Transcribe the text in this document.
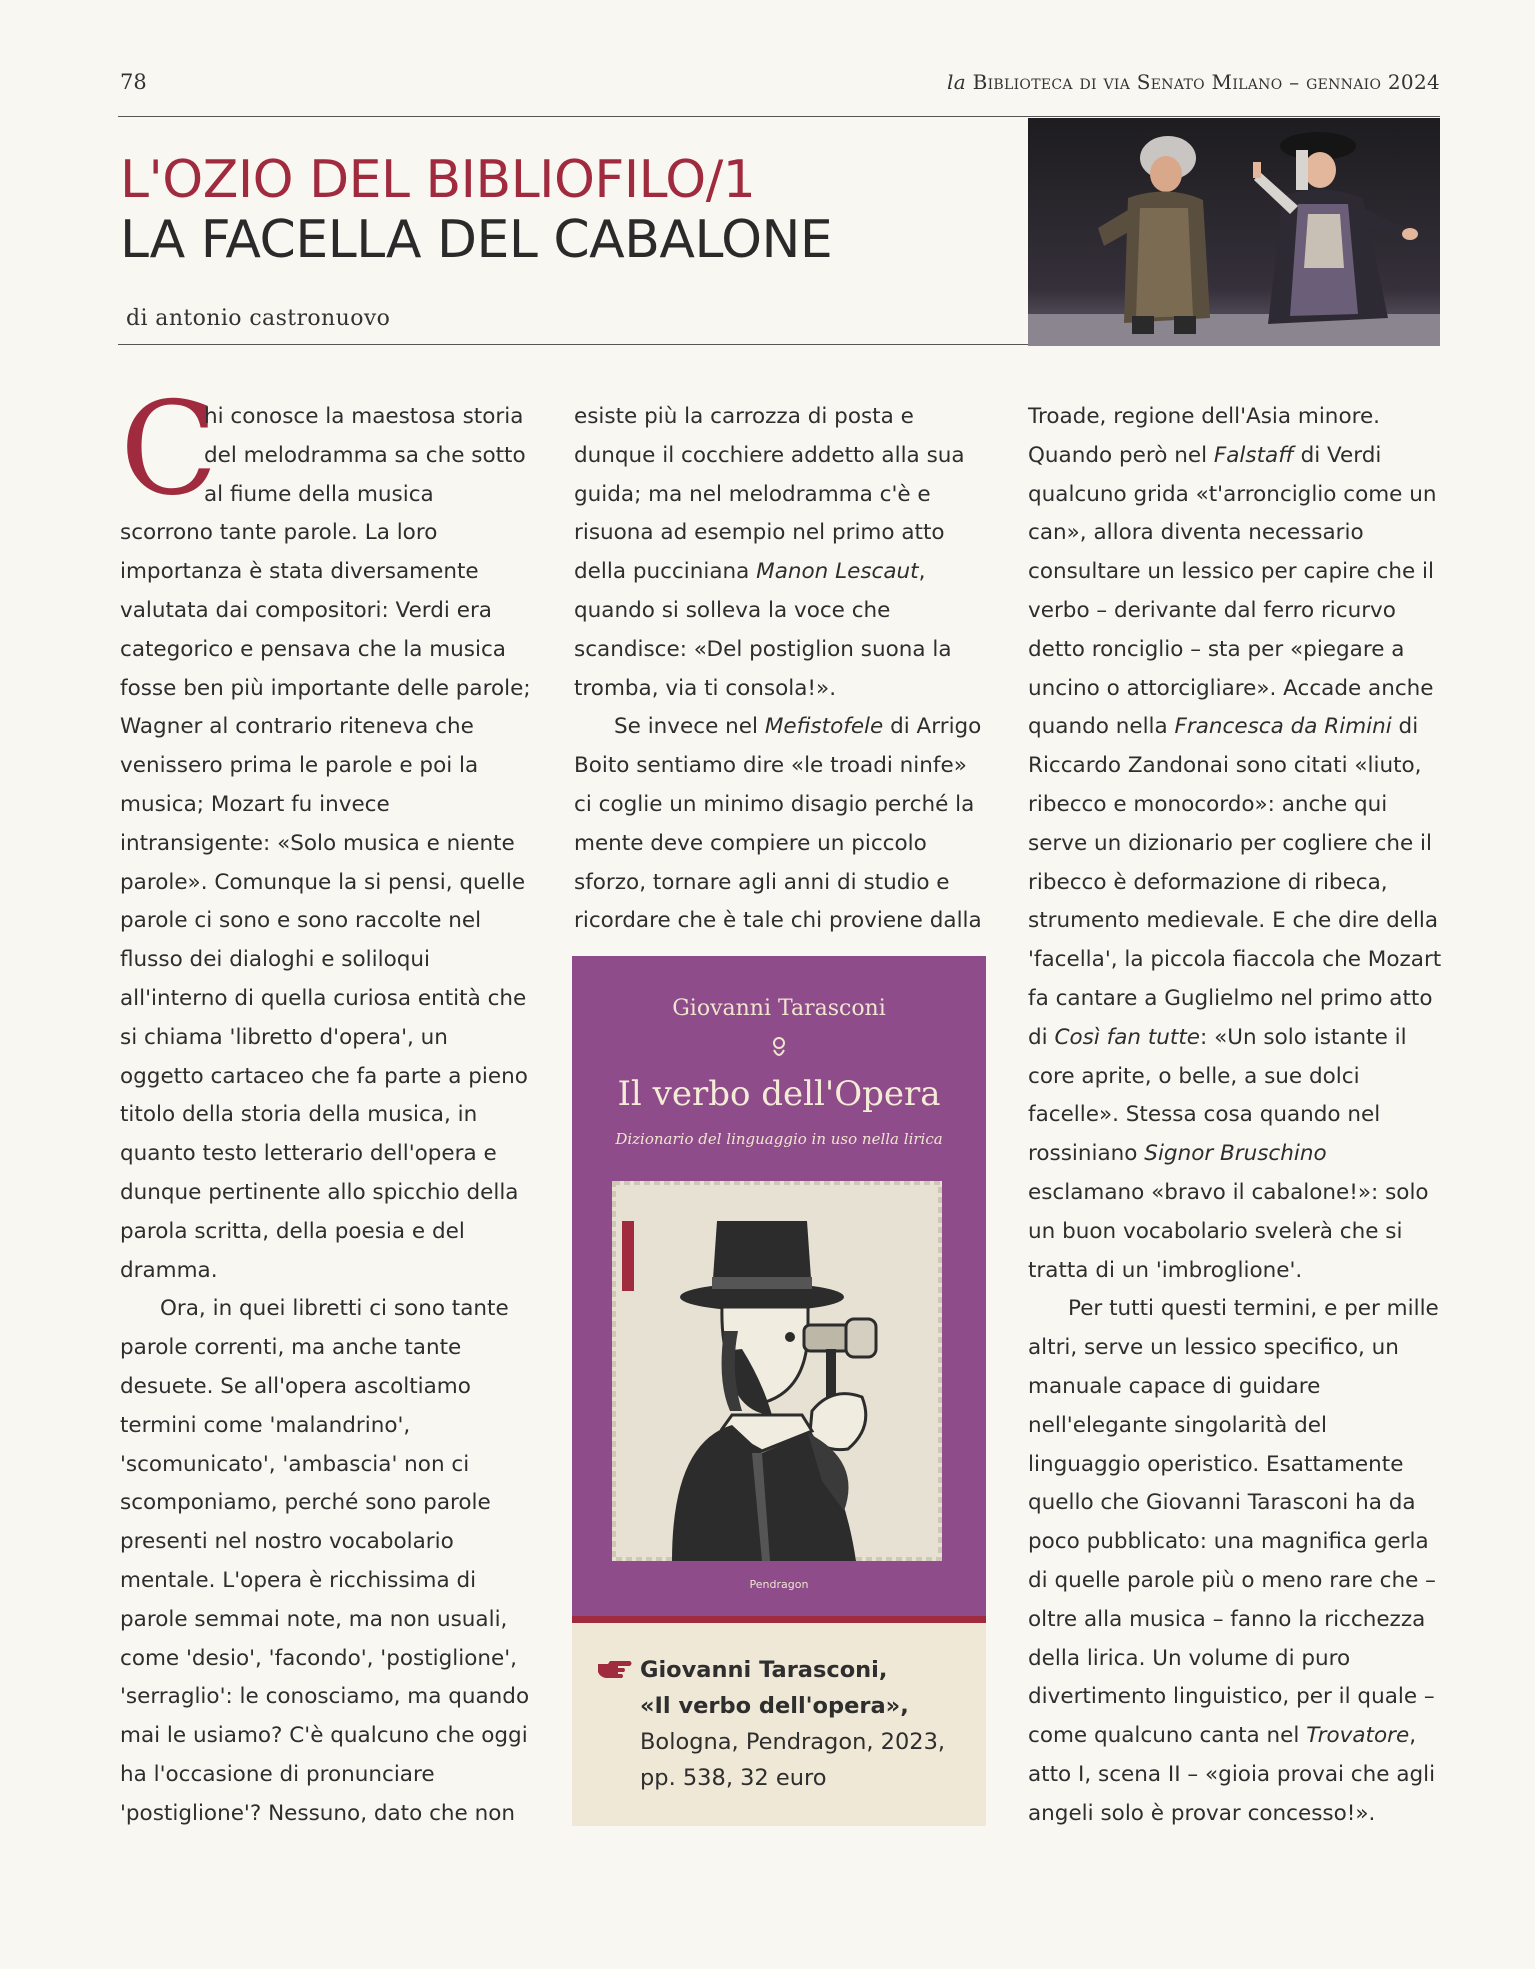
78	la Biblioteca di via Senato Milano – gennaio 2024
L'OZIO DEL BIBLIOFILO/1
LA FACELLA DEL CABALONE
di antonio castronuovo
C

hi conosce la maestosa storia

del melodramma sa che sotto

al fiume della musica

scorrono tante parole. La loro

importanza è stata diversamente

valutata dai compositori: Verdi era

categorico e pensava che la musica

fosse ben più importante delle parole;

Wagner al contrario riteneva che

venissero prima le parole e poi la

musica; Mozart fu invece

intransigente: «Solo musica e niente

parole». Comunque la si pensi, quelle

parole ci sono e sono raccolte nel

flusso dei dialoghi e soliloqui

all'interno di quella curiosa entità che

si chiama 'libretto d'opera', un

oggetto cartaceo che fa parte a pieno

titolo della storia della musica, in

quanto testo letterario dell'opera e

dunque pertinente allo spicchio della

parola scritta, della poesia e del

dramma.

Ora, in quei libretti ci sono tante

parole correnti, ma anche tante

desuete. Se all'opera ascoltiamo

termini come 'malandrino',

'scomunicato', 'ambascia' non ci

scomponiamo, perché sono parole

presenti nel nostro vocabolario

mentale. L'opera è ricchissima di

parole semmai note, ma non usuali,

come 'desio', 'facondo', 'postiglione',

'serraglio': le conosciamo, ma quando

mai le usiamo? C'è qualcuno che oggi

ha l'occasione di pronunciare

'postiglione'? Nessuno, dato che non

esiste più la carrozza di posta e

dunque il cocchiere addetto alla sua

guida; ma nel melodramma c'è e

risuona ad esempio nel primo atto

della pucciniana Manon Lescaut,

quando si solleva la voce che

scandisce: «Del postiglion suona la

tromba, via ti consola!».

Se invece nel Mefistofele di Arrigo

Boito sentiamo dire «le troadi ninfe»

ci coglie un minimo disagio perché la

mente deve compiere un piccolo

sforzo, tornare agli anni di studio e

ricordare che è tale chi proviene dalla

Giovanni Tarasconi
Il verbo dell'Opera
Dizionario del linguaggio in uso nella lirica
Pendragon
Giovanni Tarasconi,
«Il verbo dell'opera»,
Bologna, Pendragon, 2023,
pp. 538, 32 euro

Troade, regione dell'Asia minore.

Quando però nel Falstaff di Verdi

qualcuno grida «t'arronciglio come un

can», allora diventa necessario

consultare un lessico per capire che il

verbo – derivante dal ferro ricurvo

detto ronciglio – sta per «piegare a

uncino o attorcigliare». Accade anche

quando nella Francesca da Rimini di

Riccardo Zandonai sono citati «liuto,

ribecco e monocordo»: anche qui

serve un dizionario per cogliere che il

ribecco è deformazione di ribeca,

strumento medievale. E che dire della

'facella', la piccola fiaccola che Mozart

fa cantare a Guglielmo nel primo atto

di Così fan tutte: «Un solo istante il

core aprite, o belle, a sue dolci

facelle». Stessa cosa quando nel

rossiniano Signor Bruschino

esclamano «bravo il cabalone!»: solo

un buon vocabolario svelerà che si

tratta di un 'imbroglione'.

Per tutti questi termini, e per mille

altri, serve un lessico specifico, un

manuale capace di guidare

nell'elegante singolarità del

linguaggio operistico. Esattamente

quello che Giovanni Tarasconi ha da

poco pubblicato: una magnifica gerla

di quelle parole più o meno rare che –

oltre alla musica – fanno la ricchezza

della lirica. Un volume di puro

divertimento linguistico, per il quale –

come qualcuno canta nel Trovatore,

atto I, scena II – «gioia provai che agli

angeli solo è provar concesso!».
